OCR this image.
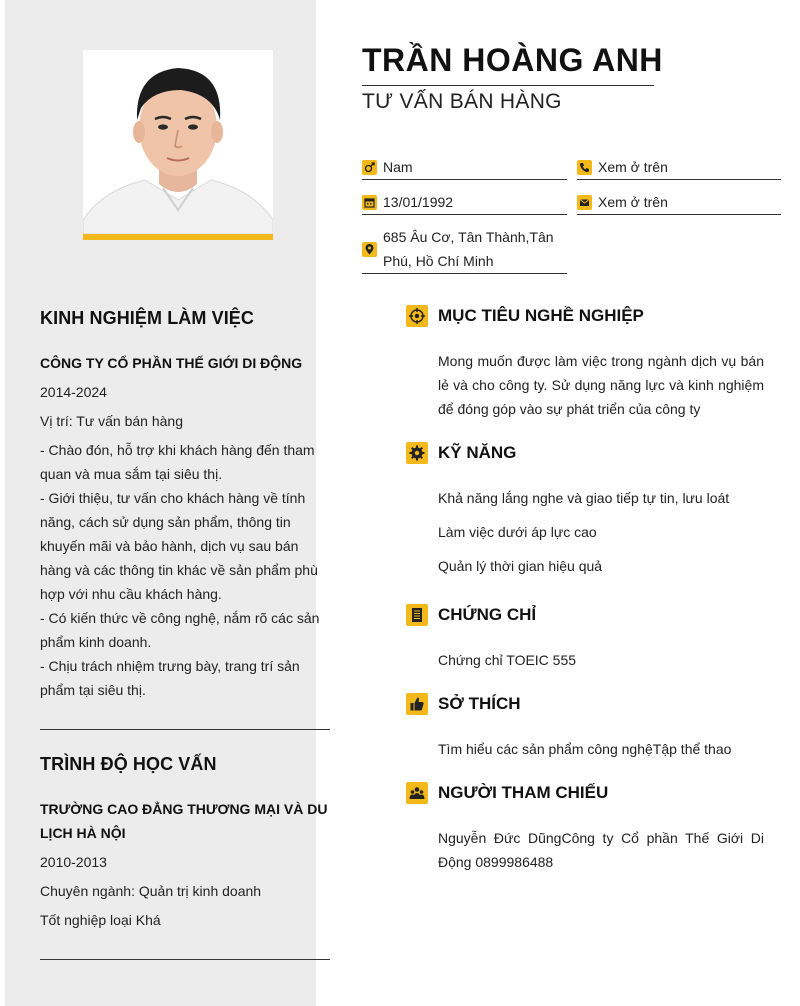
KINH NGHIỆM LÀM VIỆC
CÔNG TY CỔ PHẦN THẾ GIỚI DI ĐỘNG
2014-2024
Vị trí: Tư vấn bán hàng
- Chào đón, hỗ trợ khi khách hàng đến tham quan và mua sắm tại siêu thị.
- Giới thiệu, tư vấn cho khách hàng về tính năng, cách sử dụng sản phẩm, thông tin khuyến mãi và bảo hành, dịch vụ sau bán hàng và các thông tin khác về sản phẩm phù hợp với nhu cầu khách hàng.
- Có kiến thức về công nghệ, nắm rõ các sản phẩm kinh doanh.
- Chịu trách nhiệm trưng bày, trang trí sản phẩm tại siêu thị.
TRÌNH ĐỘ HỌC VẤN
TRƯỜNG CAO ĐẲNG THƯƠNG MẠI VÀ DU LỊCH HÀ NỘI
2010-2013
Chuyên ngành: Quản trị kinh doanh
Tốt nghiệp loại Khá
TRẦN HOÀNG ANH
TƯ VẤN BÁN HÀNG
Nam	Xem ở trên
13/01/1992	Xem ở trên
685 Âu Cơ, Tân Thành,Tân Phú, Hồ Chí Minh
MỤC TIÊU NGHỀ NGHIỆP
Mong muốn được làm việc trong ngành dịch vụ bán lẻ và cho công ty. Sử dụng năng lực và kinh nghiệm để đóng góp vào sự phát triển của công ty
KỸ NĂNG
Khả năng lắng nghe và giao tiếp tự tin, lưu loát
Làm việc dưới áp lực cao
Quản lý thời gian hiệu quả
CHỨNG CHỈ
Chứng chỉ TOEIC 555
SỞ THÍCH
Tìm hiểu các sản phẩm công nghệTập thể thao
NGƯỜI THAM CHIẾU
Nguyễn Đức DũngCông ty Cổ phần Thế Giới Di Động 0899986488
